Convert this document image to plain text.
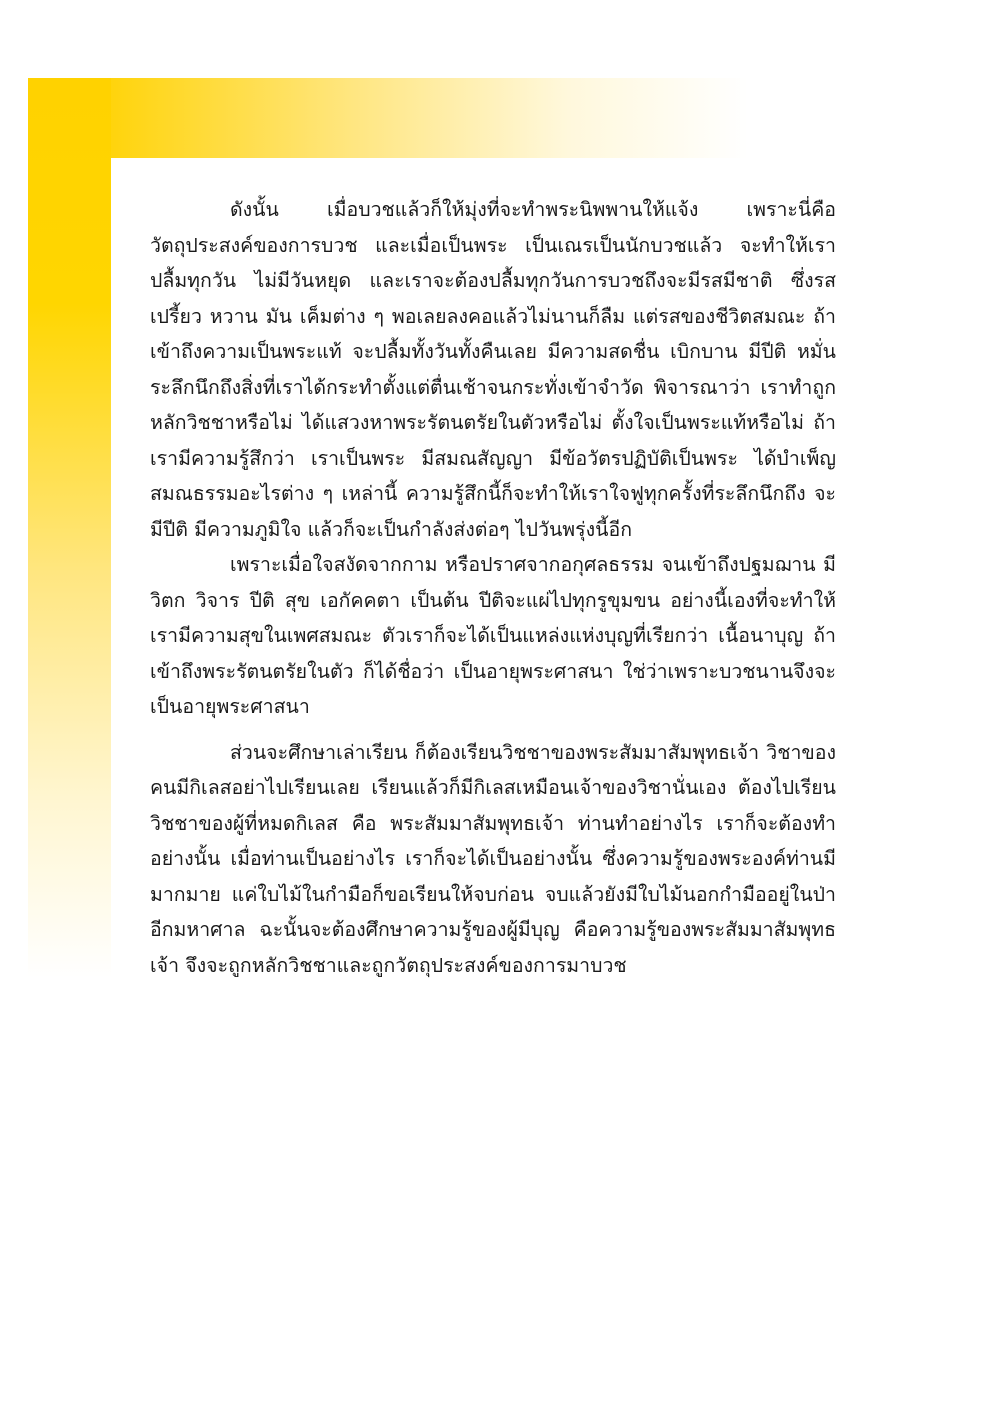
ดังนั้น เมื่อบวชแล้วก็ให้มุ่งที่จะทำพระนิพพานให้แจ้ง เพราะนี่คือวัตถุประสงค์ของการบวช และเมื่อเป็นพระ เป็นเณรเป็นนักบวชแล้ว จะทำให้เราปลื้มทุกวัน ไม่มีวันหยุด และเราจะต้องปลื้มทุกวันการบวชถึงจะมีรสมีชาติ ซึ่งรสเปรี้ยว หวาน มัน เค็มต่าง ๆ พอเลยลงคอแล้วไม่นานก็ลืม แต่รสของชีวิตสมณะ ถ้าเข้าถึงความเป็นพระแท้ จะปลื้มทั้งวันทั้งคืนเลย มีความสดชื่น เบิกบาน มีปีติ หมั่นระลึกนึกถึงสิ่งที่เราได้กระทำตั้งแต่ตื่นเช้าจนกระทั่งเข้าจำวัด พิจารณาว่า เราทำถูกหลักวิชชาหรือไม่ ได้แสวงหาพระรัตนตรัยในตัวหรือไม่ ตั้งใจเป็นพระแท้หรือไม่ ถ้าเรามีความรู้สึกว่า เราเป็นพระ มีสมณสัญญา มีข้อวัตรปฏิบัติเป็นพระ ได้บำเพ็ญสมณธรรมอะไรต่าง ๆ เหล่านี้ ความรู้สึกนี้ก็จะทำให้เราใจฟูทุกครั้งที่ระลึกนึกถึง จะมีปีติ มีความภูมิใจ แล้วก็จะเป็นกำลังส่งต่อๆ ไปวันพรุ่งนี้อีก

เพราะเมื่อใจสงัดจากกาม หรือปราศจากอกุศลธรรม จนเข้าถึงปฐมฌาน มีวิตก วิจาร ปีติ สุข เอกัคคตา เป็นต้น ปีติจะแผ่ไปทุกรูขุมขน อย่างนี้เองที่จะทำให้เรามีความสุขในเพศสมณะ ตัวเราก็จะได้เป็นแหล่งแห่งบุญที่เรียกว่า เนื้อนาบุญ ถ้าเข้าถึงพระรัตนตรัยในตัว ก็ได้ชื่อว่า เป็นอายุพระศาสนา ใช่ว่าเพราะบวชนานจึงจะเป็นอายุพระศาสนา

ส่วนจะศึกษาเล่าเรียน ก็ต้องเรียนวิชชาของพระสัมมาสัมพุทธเจ้า วิชาของคนมีกิเลสอย่าไปเรียนเลย เรียนแล้วก็มีกิเลสเหมือนเจ้าของวิชานั่นเอง ต้องไปเรียนวิชชาของผู้ที่หมดกิเลส คือ พระสัมมาสัมพุทธเจ้า ท่านทำอย่างไร เราก็จะต้องทำอย่างนั้น เมื่อท่านเป็นอย่างไร เราก็จะได้เป็นอย่างนั้น ซึ่งความรู้ของพระองค์ท่านมีมากมาย แค่ใบไม้ในกำมือก็ขอเรียนให้จบก่อน จบแล้วยังมีใบไม้นอกกำมืออยู่ในป่าอีกมหาศาล ฉะนั้นจะต้องศึกษาความรู้ของผู้มีบุญ คือความรู้ของพระสัมมาสัมพุทธเจ้า จึงจะถูกหลักวิชชาและถูกวัตถุประสงค์ของการมาบวช
